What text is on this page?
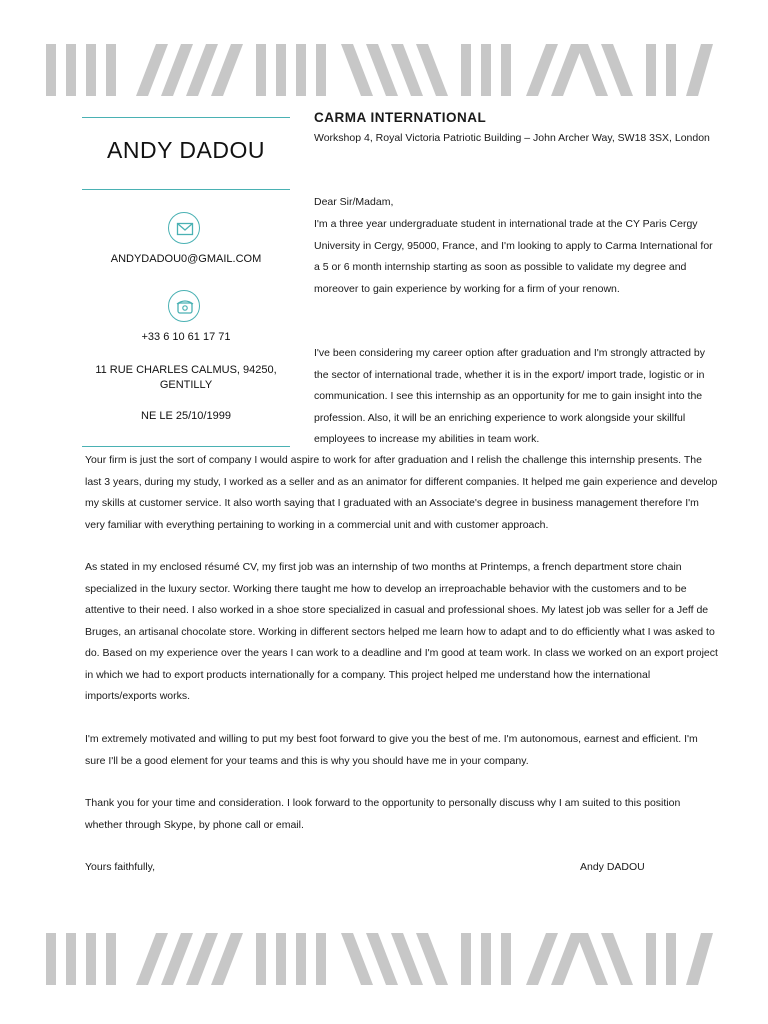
ANDY DADOU
ANDYDADOU0@GMAIL.COM
+33 6 10 61 17 71
11 RUE CHARLES CALMUS, 94250, GENTILLY
NE LE 25/10/1999
CARMA INTERNATIONAL
Workshop 4, Royal Victoria Patriotic Building – John Archer Way, SW18 3SX, London
Dear Sir/Madam,
I'm a three year undergraduate student in international trade at the CY Paris Cergy University in Cergy, 95000, France, and I'm looking to apply to Carma International for a 5 or 6 month internship starting as soon as possible to validate my degree and moreover to gain experience by working for a firm of your renown.
I've been considering my career option after graduation and I'm strongly attracted by the sector of international trade, whether it is in the export/ import trade, logistic or in communication. I see this internship as an opportunity for me to gain insight into the profession. Also, it will be an enriching experience to work alongside your skillful employees to increase my abilities in team work.
Your firm is just the sort of company I would aspire to work for after graduation and I relish the challenge this internship presents. The last 3 years, during my study, I worked as a seller and as an animator for different companies. It helped me gain experience and develop my skills at customer service. It also worth saying that I graduated with an Associate's degree in business management therefore I'm very familiar with everything pertaining to working in a commercial unit and with customer approach.
As stated in my enclosed résumé CV, my first job was an internship of two months at Printemps, a french department store chain specialized in the luxury sector. Working there taught me how to develop an irreproachable behavior with the customers and to be attentive to their need. I also worked in a shoe store specialized in casual and professional shoes. My latest job was seller for a Jeff de Bruges, an artisanal chocolate store. Working in different sectors helped me learn how to adapt and to do efficiently what I was asked to do. Based on my experience over the years I can work to a deadline and I'm good at team work. In class we worked on an export project in which we had to export products internationally for a company. This project helped me understand how the international imports/exports works.
I'm extremely motivated and willing to put my best foot forward to give you the best of me. I'm autonomous, earnest and efficient. I'm sure I'll be a good element for your teams and this is why you should have me in your company.
Thank you for your time and consideration. I look forward to the opportunity to personally discuss why I am suited to this position whether through Skype, by phone call or email.
Yours faithfully,	Andy DADOU
